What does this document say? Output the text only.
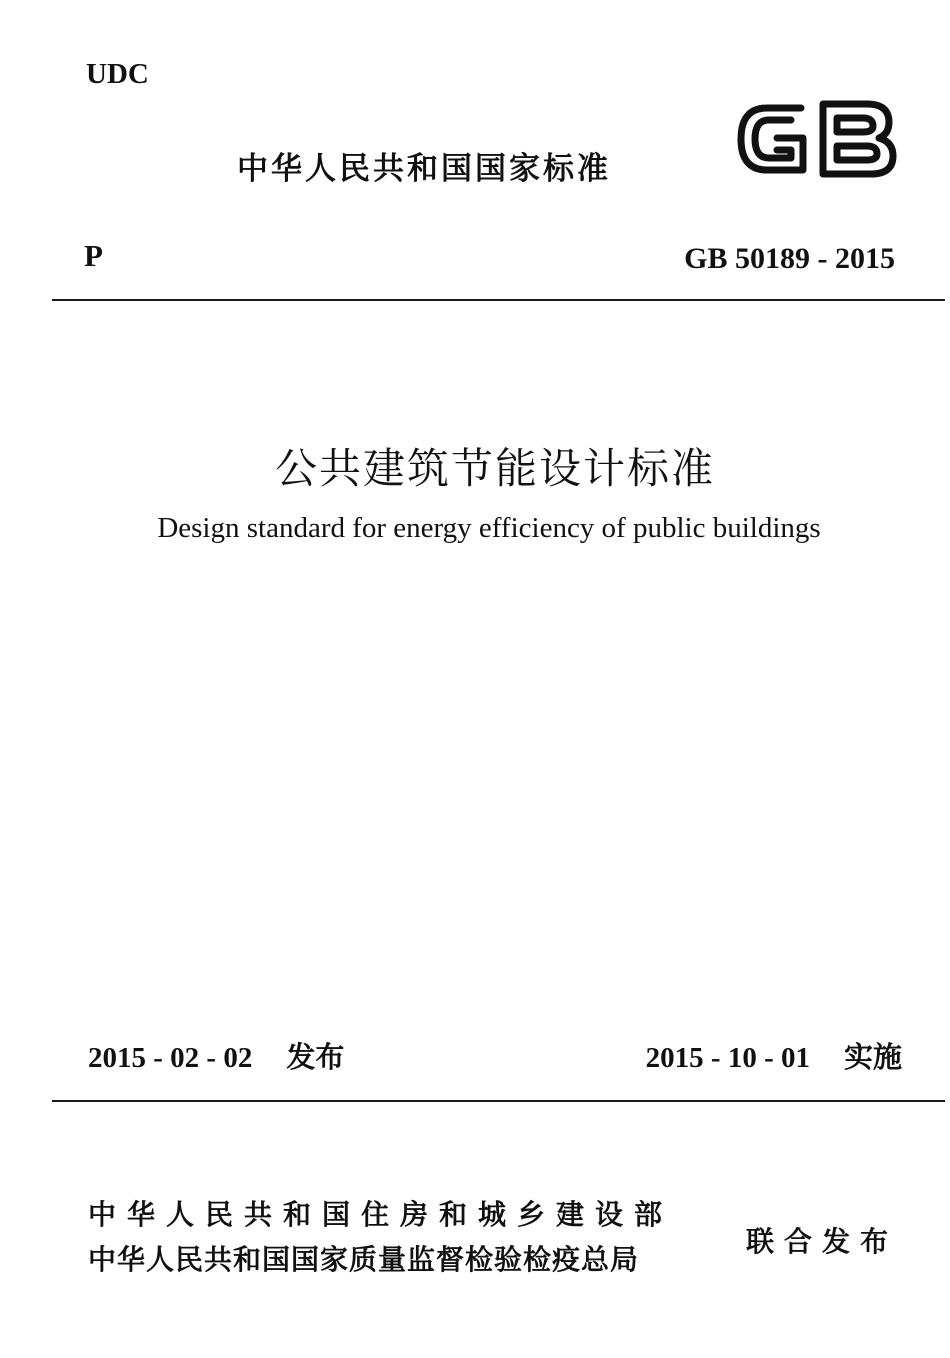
UDC
中华人民共和国国家标准
P	GB 50189 - 2015
公共建筑节能设计标准
Design standard for energy efficiency of public buildings
2015 - 02 - 02 发布	2015 - 10 - 01 实施
中华人民共和国住房和城乡建设部
中华人民共和国国家质量监督检验检疫总局
联合发布
